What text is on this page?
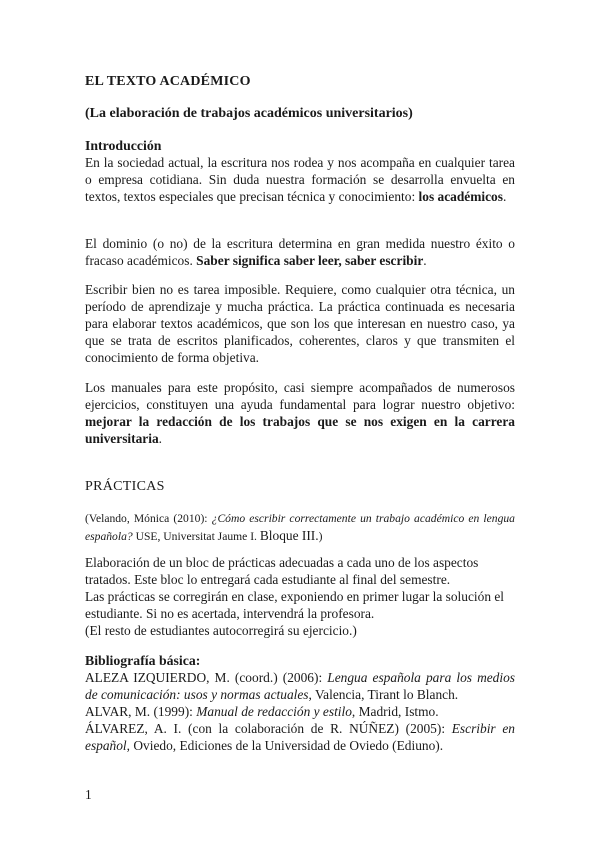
EL TEXTO ACADÉMICO

(La elaboración de trabajos académicos universitarios)

Introducción

En la sociedad actual, la escritura nos rodea y nos acompaña en cualquier tarea o empresa cotidiana. Sin duda nuestra formación se desarrolla envuelta en textos, textos especiales que precisan técnica y conocimiento: los académicos.

El dominio (o no) de la escritura determina en gran medida nuestro éxito o fracaso académicos. Saber significa saber leer, saber escribir.

Escribir bien no es tarea imposible. Requiere, como cualquier otra técnica, un período de aprendizaje y mucha práctica. La práctica continuada es necesaria para elaborar textos académicos, que son los que interesan en nuestro caso, ya que se trata de escritos planificados, coherentes, claros y que transmiten el conocimiento de forma objetiva.

Los manuales para este propósito, casi siempre acompañados de numerosos ejercicios, constituyen una ayuda fundamental para lograr nuestro objetivo: mejorar la redacción de los trabajos que se nos exigen en la carrera universitaria.

PRÁCTICAS

(Velando, Mónica (2010): ¿Cómo escribir correctamente un trabajo académico en lengua española? USE, Universitat Jaume I. Bloque III.)

Elaboración de un bloc de prácticas adecuadas a cada uno de los aspectos tratados. Este bloc lo entregará cada estudiante al final del semestre.

Las prácticas se corregirán en clase, exponiendo en primer lugar la solución el estudiante. Si no es acertada, intervendrá la profesora.

(El resto de estudiantes autocorregirá su ejercicio.)

Bibliografía básica:

ALEZA IZQUIERDO, M. (coord.) (2006): Lengua española para los medios de comunicación: usos y normas actuales, Valencia, Tirant lo Blanch.

ALVAR, M. (1999): Manual de redacción y estilo, Madrid, Istmo.

ÁLVAREZ, A. I. (con la colaboración de R. NÚÑEZ) (2005): Escribir en español, Oviedo, Ediciones de la Universidad de Oviedo (Ediuno).

1
